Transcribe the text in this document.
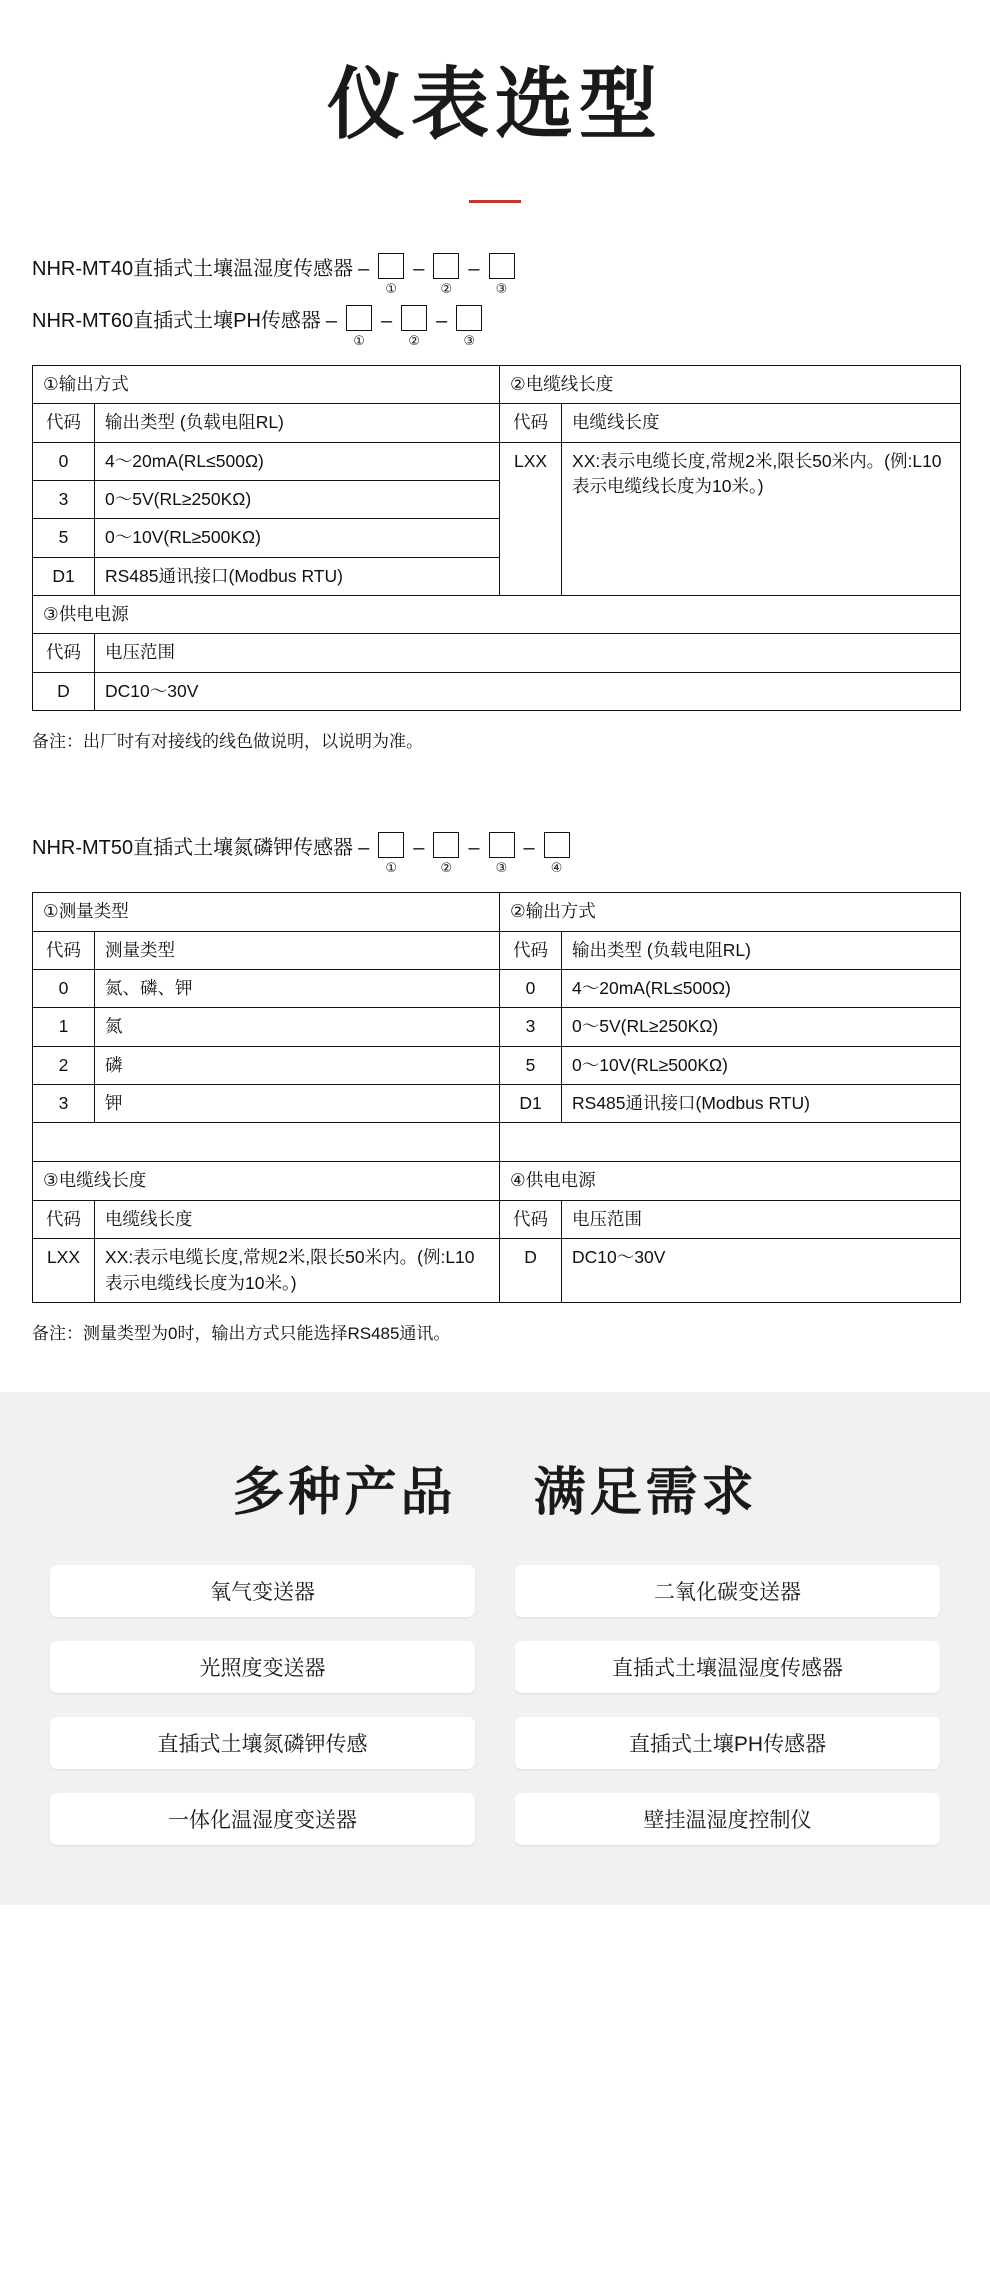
仪表选型
NHR-MT40直插式土壤温湿度传感器 –
①
–
②
–
③
NHR-MT60直插式土壤PH传感器 –
①
–
②
–
③
①输出方式		②电缆线长度	
代码	输出类型 (负载电阻RL)	代码	电缆线长度
0	4～20mA(RL≤500Ω)	LXX	XX:表示电缆长度,常规2米,限长50米内。(例:L10表示电缆线长度为10米。)
3	0～5V(RL≥250KΩ)		
5	0～10V(RL≥500KΩ)		
D1	RS485通讯接口(Modbus RTU)		
③供电电源			
代码	电压范围		
D	DC10～30V		
备注：出厂时有对接线的线色做说明，以说明为准。
NHR-MT50直插式土壤氮磷钾传感器 –
①
–
②
–
③
–
④
①测量类型		②输出方式	
代码	测量类型	代码	输出类型 (负载电阻RL)
0	氮、磷、钾	0	4～20mA(RL≤500Ω)
1	氮	3	0～5V(RL≥250KΩ)
2	磷	5	0～10V(RL≥500KΩ)
3	钾	D1	RS485通讯接口(Modbus RTU)

③电缆线长度		④供电电源	
代码	电缆线长度	代码	电压范围
LXX	XX:表示电缆长度,常规2米,限长50米内。(例:L10表示电缆线长度为10米。)	D	DC10～30V
备注：测量类型为0时，输出方式只能选择RS485通讯。
多种产品 满足需求
氧气变送器	二氧化碳变送器
光照度变送器	直插式土壤温湿度传感器
直插式土壤氮磷钾传感	直插式土壤PH传感器
一体化温湿度变送器	壁挂温湿度控制仪
